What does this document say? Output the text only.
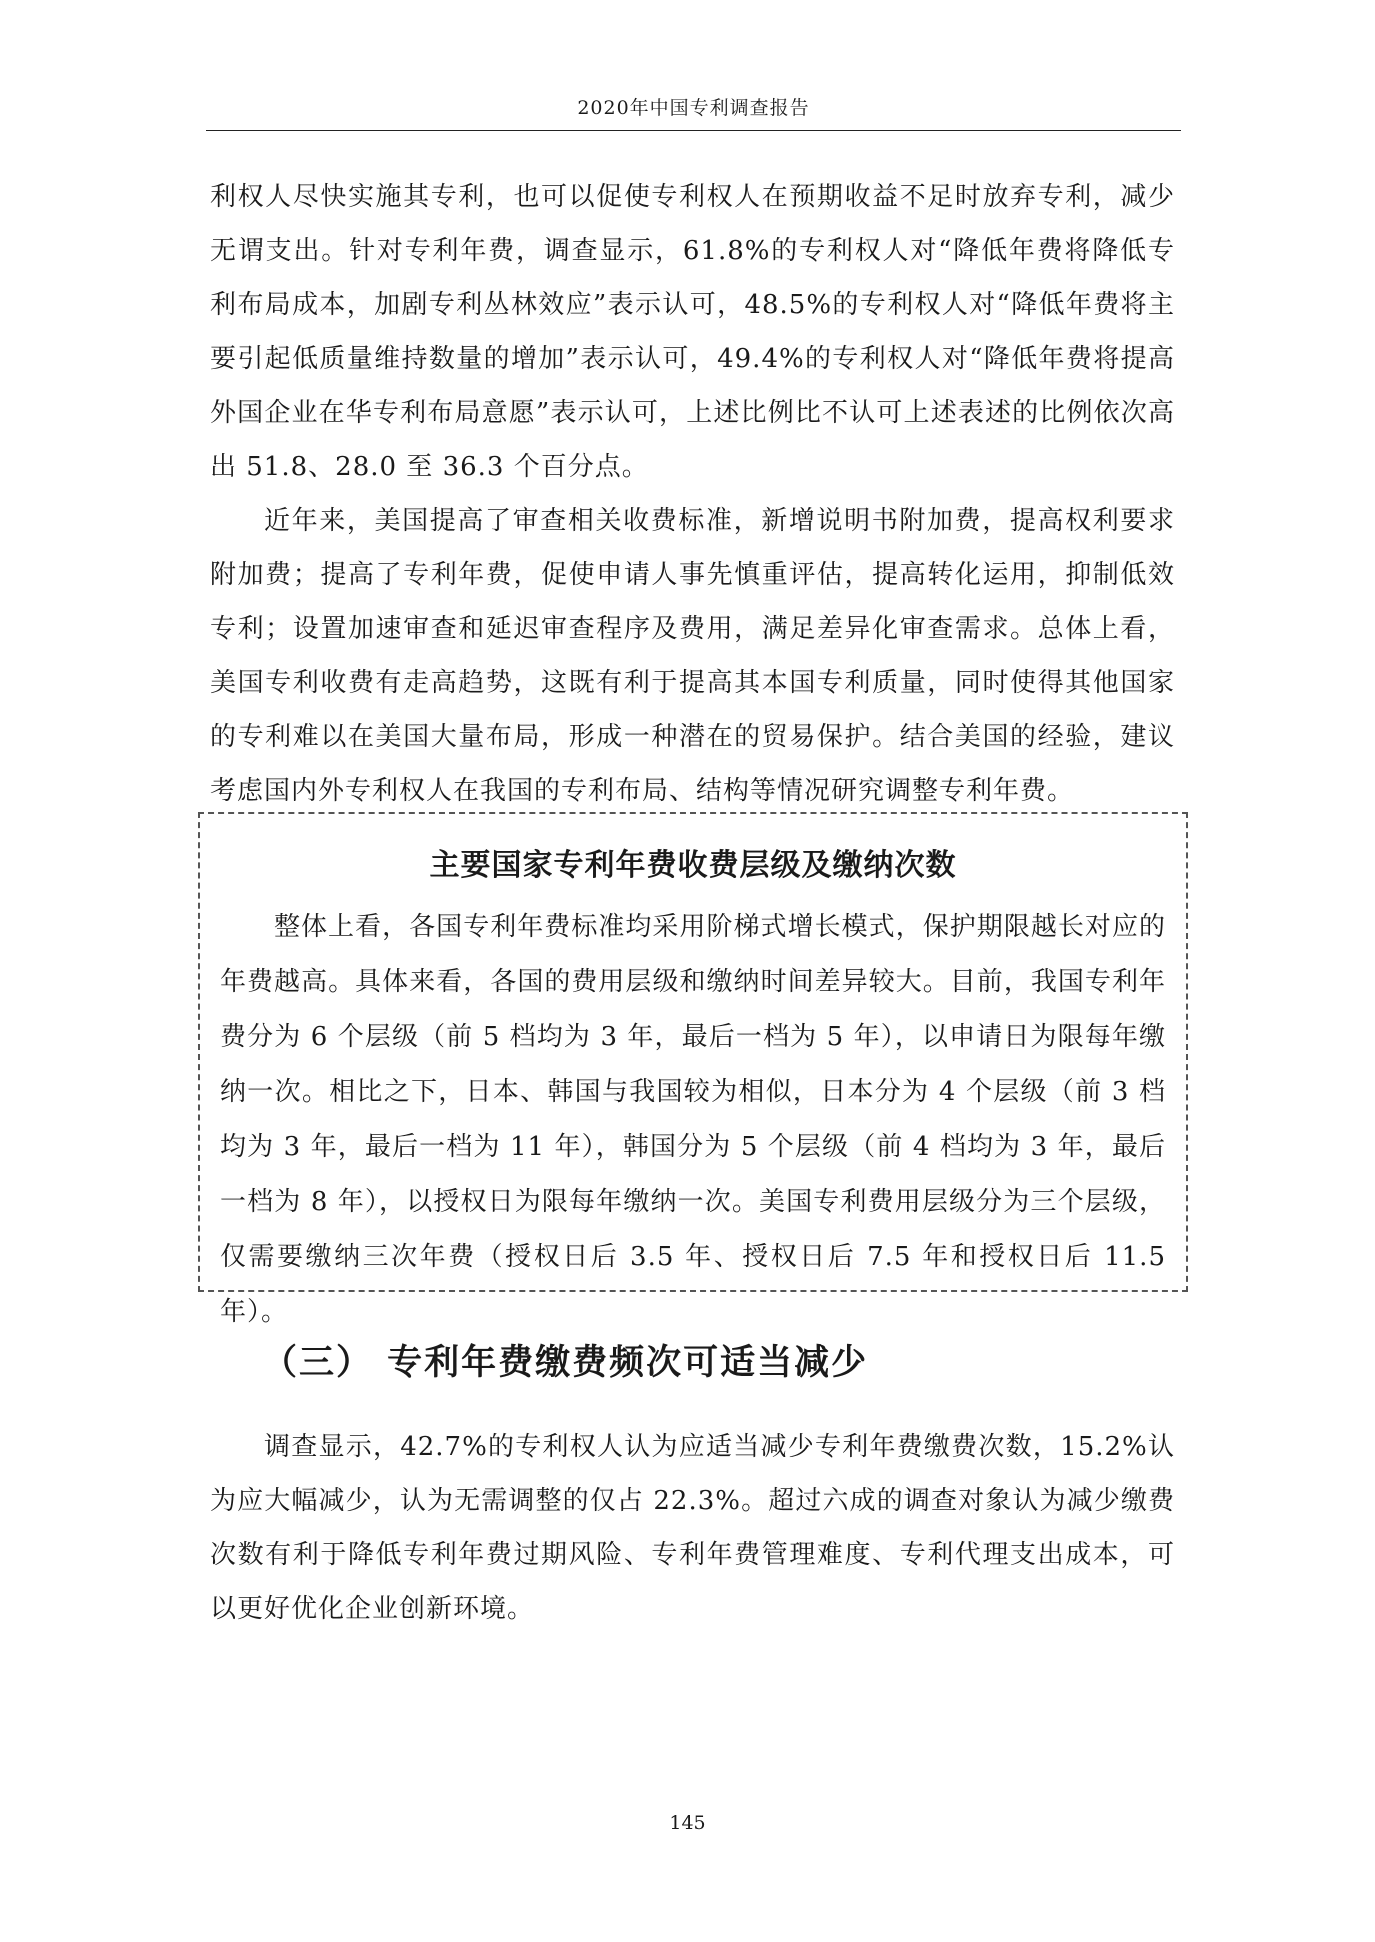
2020年中国专利调查报告

利权人尽快实施其专利，也可以促使专利权人在预期收益不足时放弃专利，减少无谓支出。针对专利年费，调查显示，61.8%的专利权人对“降低年费将降低专利布局成本，加剧专利丛林效应”表示认可，48.5%的专利权人对“降低年费将主要引起低质量维持数量的增加”表示认可，49.4%的专利权人对“降低年费将提高外国企业在华专利布局意愿”表示认可，上述比例比不认可上述表述的比例依次高出 51.8、28.0 至 36.3 个百分点。

近年来，美国提高了审查相关收费标准，新增说明书附加费，提高权利要求附加费；提高了专利年费，促使申请人事先慎重评估，提高转化运用，抑制低效专利；设置加速审查和延迟审查程序及费用，满足差异化审查需求。总体上看，美国专利收费有走高趋势，这既有利于提高其本国专利质量，同时使得其他国家的专利难以在美国大量布局，形成一种潜在的贸易保护。结合美国的经验，建议考虑国内外专利权人在我国的专利布局、结构等情况研究调整专利年费。

主要国家专利年费收费层级及缴纳次数

整体上看，各国专利年费标准均采用阶梯式增长模式，保护期限越长对应的年费越高。具体来看，各国的费用层级和缴纳时间差异较大。目前，我国专利年费分为 6 个层级（前 5 档均为 3 年，最后一档为 5 年），以申请日为限每年缴纳一次。相比之下，日本、韩国与我国较为相似，日本分为 4 个层级（前 3 档均为 3 年，最后一档为 11 年），韩国分为 5 个层级（前 4 档均为 3 年，最后一档为 8 年），以授权日为限每年缴纳一次。美国专利费用层级分为三个层级，仅需要缴纳三次年费（授权日后 3.5 年、授权日后 7.5 年和授权日后 11.5 年）。

（三） 专利年费缴费频次可适当减少

调查显示，42.7%的专利权人认为应适当减少专利年费缴费次数，15.2%认为应大幅减少，认为无需调整的仅占 22.3%。超过六成的调查对象认为减少缴费次数有利于降低专利年费过期风险、专利年费管理难度、专利代理支出成本，可以更好优化企业创新环境。

145
